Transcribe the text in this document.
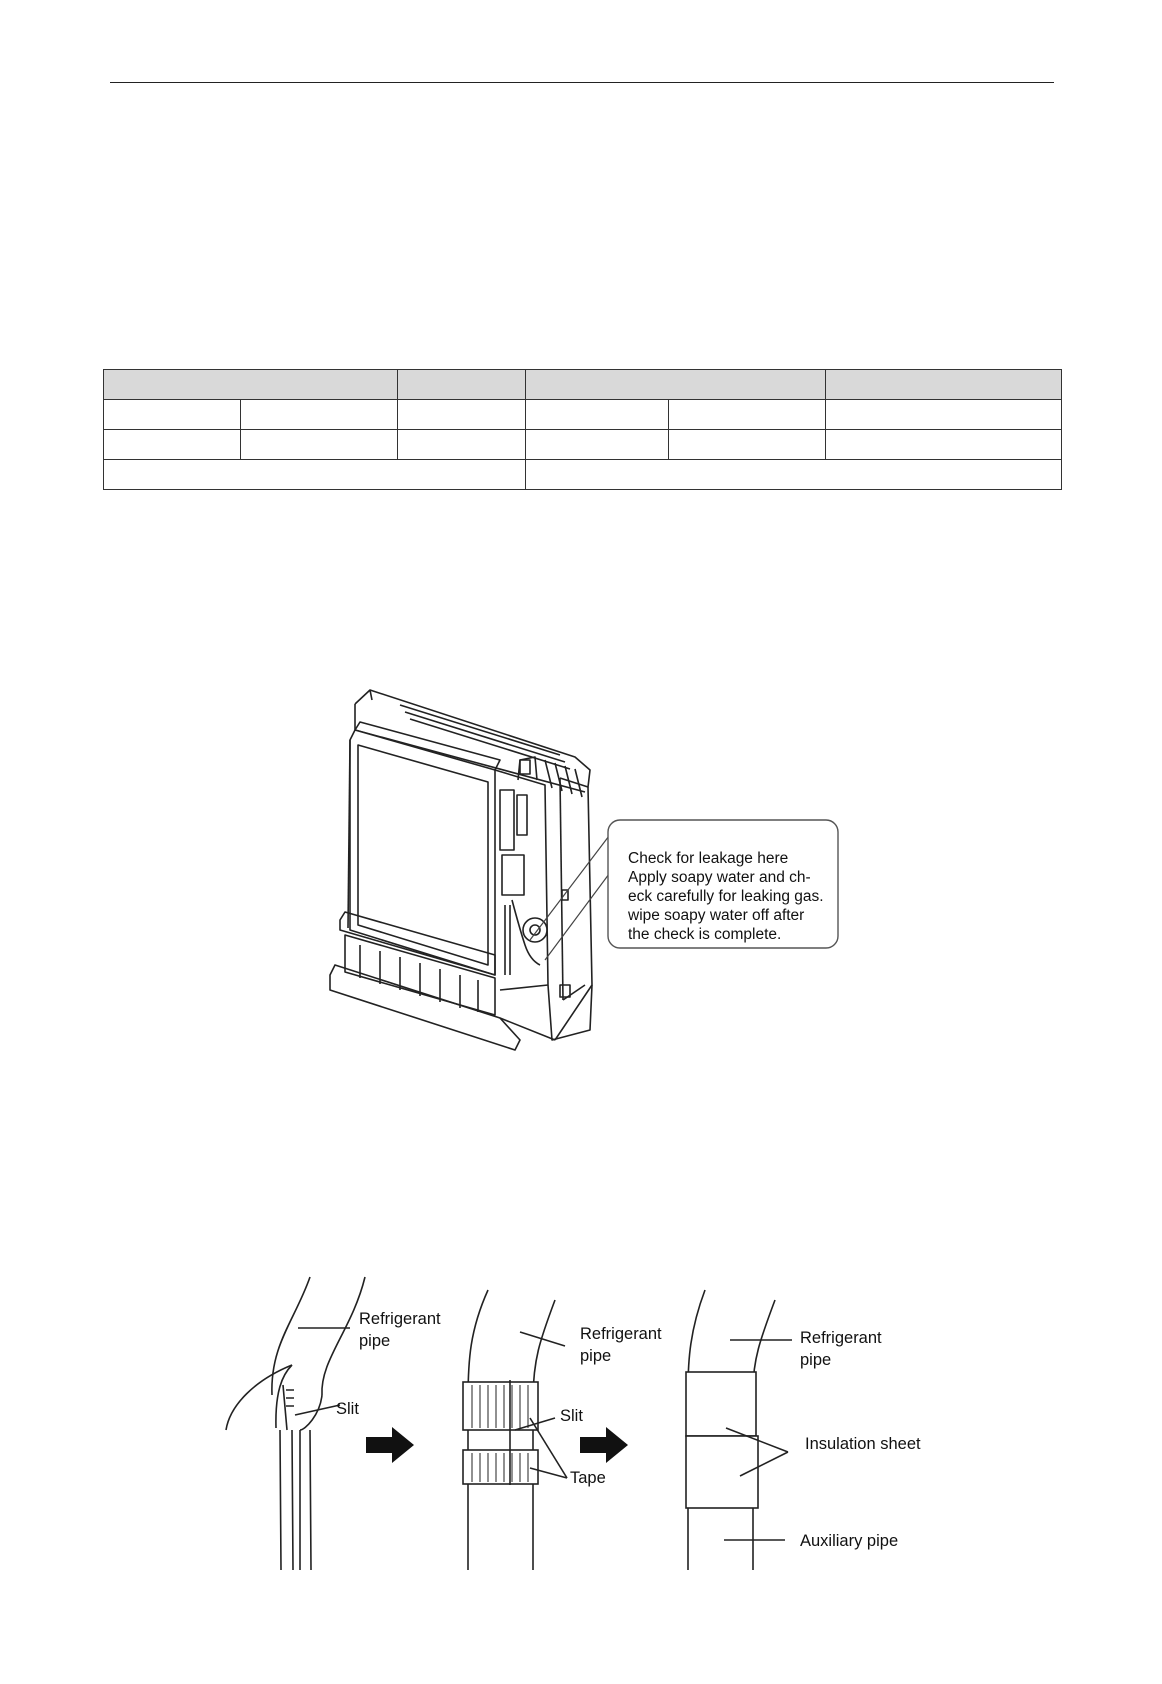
Check for leakage here
Apply soapy water and ch-
eck carefully for leaking gas.
wipe soapy water off after
the check is complete.
Refrigerant
pipe
Slit
Refrigerant
pipe
Slit
Tape
Refrigerant
pipe
Insulation sheet
Auxiliary pipe
